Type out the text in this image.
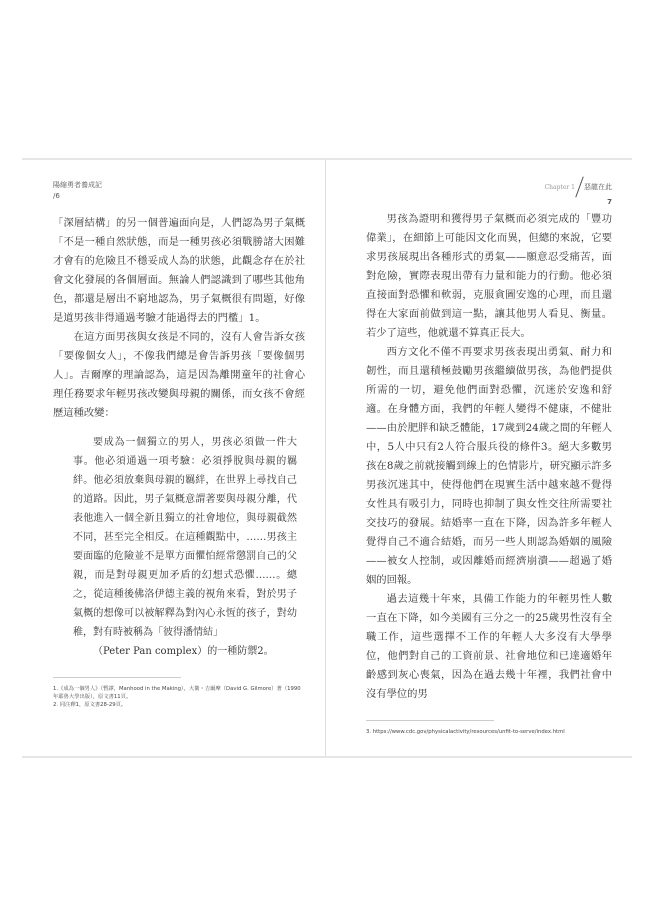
陽縮勇者養成記
/6

「深層結構」的另一個普遍面向是，人們認為男子氣概「不是一種自然狀態，而是一種男孩必須戰勝諸大困難才會有的危險且不穩妥成人為的狀態，此觀念存在於社會文化發展的各個層面。無論人們認識到了哪些其他角色，都還是層出不窮地認為，男子氣概很有問題，好像是道男孩非得通過考驗才能過得去的門檻」1。

在這方面男孩與女孩是不同的，沒有人會告訴女孩「要像個女人」，不像我們總是會告訴男孩「要像個男人」。吉爾摩的理論認為，這是因為離開童年的社會心理任務要求年輕男孩改變與母親的關係，而女孩不會經歷這種改變：

要成為一個獨立的男人，男孩必須做一件大事。他必須通過一項考驗：必須掙脫與母親的羈絆。他必須放棄與母親的羈絆，在世界上尋找自己的道路。因此，男子氣概意謂著要與母親分離，代表他進入一個全新且獨立的社會地位，與母親截然不同，甚至完全相反。在這種觀點中，……男孩主要面臨的危險並不是單方面懼怕經常懲罰自己的父親，而是對母親更加矛盾的幻想式恐懼……。總之，從這種後佛洛伊德主義的視角來看，對於男子氣概的想像可以被解釋為對內心永恆的孩子，對幼稚，對有時被稱為「彼得潘情結」

（Peter Pan complex）的一種防禦2。

1.《成為一個男人》（暫譯，Manhood in the Making），大衛・吉爾摩（David G. Gilmore）著（1990年耶魯大學出版），原文書11頁。
2. 同注釋1，原文書28-29頁。
Chapter 1 惡龍在此
7

男孩為證明和獲得男子氣概而必須完成的「豐功偉業」，在細節上可能因文化而異，但總的來說，它要求男孩展現出各種形式的勇氣——願意忍受痛苦，面對危險，實際表現出帶有力量和能力的行動。他必須直接面對恐懼和軟弱，克服貪圖安逸的心理，而且還得在大家面前做到這一點，讓其他男人看見、衡量。若少了這些，他就還不算真正長大。

西方文化不僅不再要求男孩表現出勇氣、耐力和韌性，而且還積極鼓勵男孩繼續做男孩，為他們提供所需的一切，避免他們面對恐懼，沉迷於安逸和舒適。在身體方面，我們的年輕人變得不健康，不健壯——由於肥胖和缺乏體能，17歲到24歲之間的年輕人中，5人中只有2人符合服兵役的條件3。絕大多數男孩在8歲之前就接觸到線上的色情影片，研究顯示許多男孩沉迷其中，使得他們在現實生活中越來越不覺得女性具有吸引力，同時也抑制了與女性交往所需要社交技巧的發展。結婚率一直在下降，因為許多年輕人覺得自己不適合結婚，而另一些人則認為婚姻的風險——被女人控制，或因離婚而經濟崩潰——超過了婚姻的回報。

過去這幾十年來，具備工作能力的年輕男性人數一直在下降，如今美國有三分之一的25歲男性沒有全職工作，這些選擇不工作的年輕人大多沒有大學學位，他們對自己的工資前景、社會地位和已達適婚年齡感到灰心喪氣，因為在過去幾十年裡，我們社會中沒有學位的男

3. https://www.cdc.gov/physicalactivity/resources/unfit-to-serve/index.html
